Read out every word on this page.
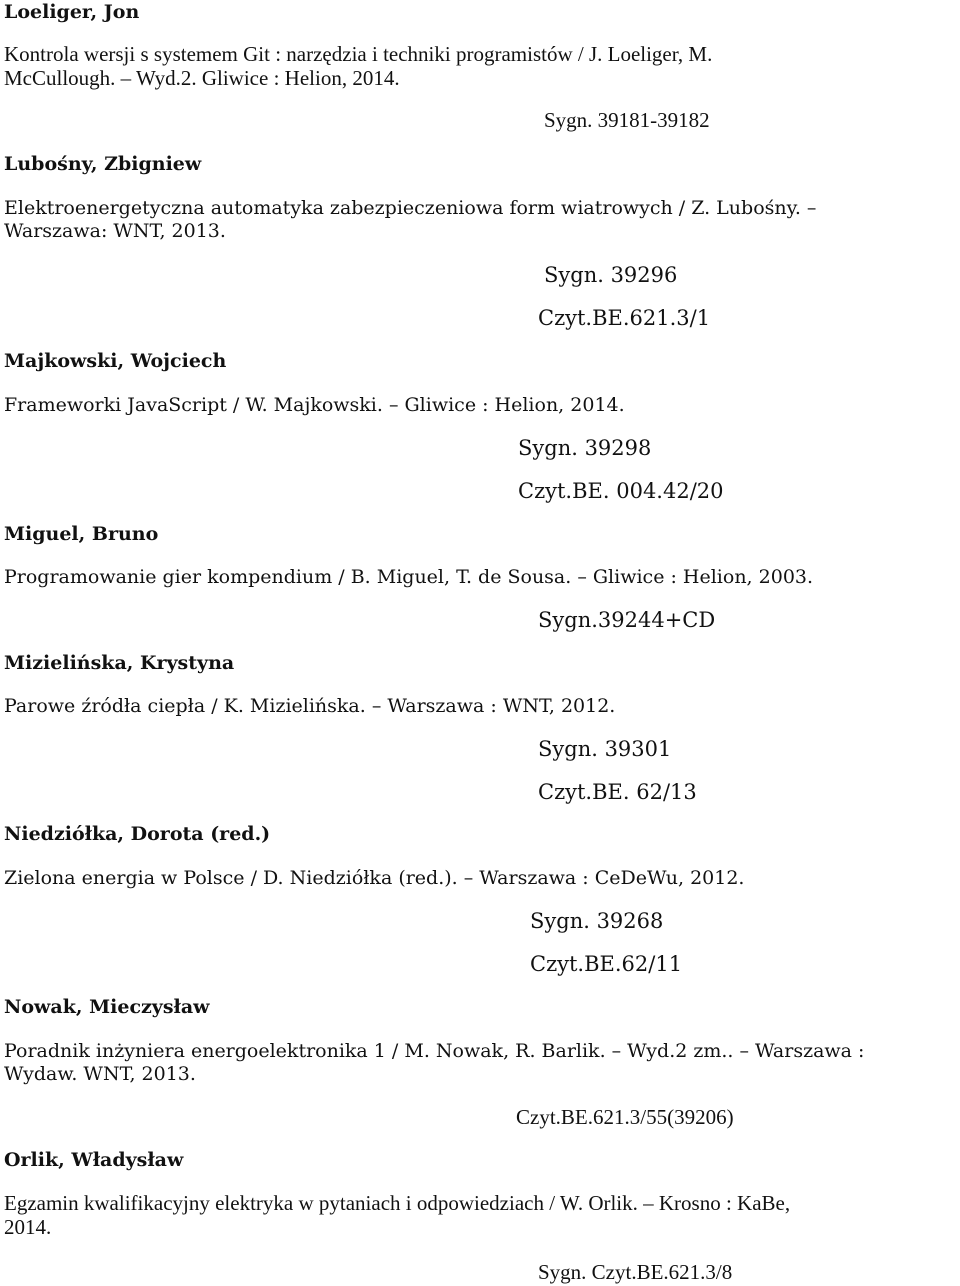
Loeliger, Jon
Kontrola wersji s systemem Git : narzędzia i techniki programistów / J. Loeliger, M.
McCullough. – Wyd.2. Gliwice : Helion, 2014.
Sygn. 39181-39182
Lubośny, Zbigniew
Elektroenergetyczna automatyka zabezpieczeniowa form wiatrowych / Z. Lubośny. –
Warszawa: WNT, 2013.
Sygn. 39296
Czyt.BE.621.3/1
Majkowski, Wojciech
Frameworki JavaScript / W. Majkowski. – Gliwice : Helion, 2014.
Sygn. 39298
Czyt.BE. 004.42/20
Miguel, Bruno
Programowanie gier kompendium / B. Miguel, T. de Sousa. – Gliwice : Helion, 2003.
Sygn.39244+CD
Mizielińska, Krystyna
Parowe źródła ciepła / K. Mizielińska. – Warszawa : WNT, 2012.
Sygn. 39301
Czyt.BE. 62/13
Niedziółka, Dorota (red.)
Zielona energia w Polsce / D. Niedziółka (red.). – Warszawa : CeDeWu, 2012.
Sygn. 39268
Czyt.BE.62/11
Nowak, Mieczysław
Poradnik inżyniera energoelektronika 1 / M. Nowak, R. Barlik. – Wyd.2 zm.. – Warszawa :
Wydaw. WNT, 2013.
Czyt.BE.621.3/55(39206)
Orlik, Władysław
Egzamin kwalifikacyjny elektryka w pytaniach i odpowiedziach / W. Orlik. – Krosno : KaBe,
2014.
Sygn. Czyt.BE.621.3/8
